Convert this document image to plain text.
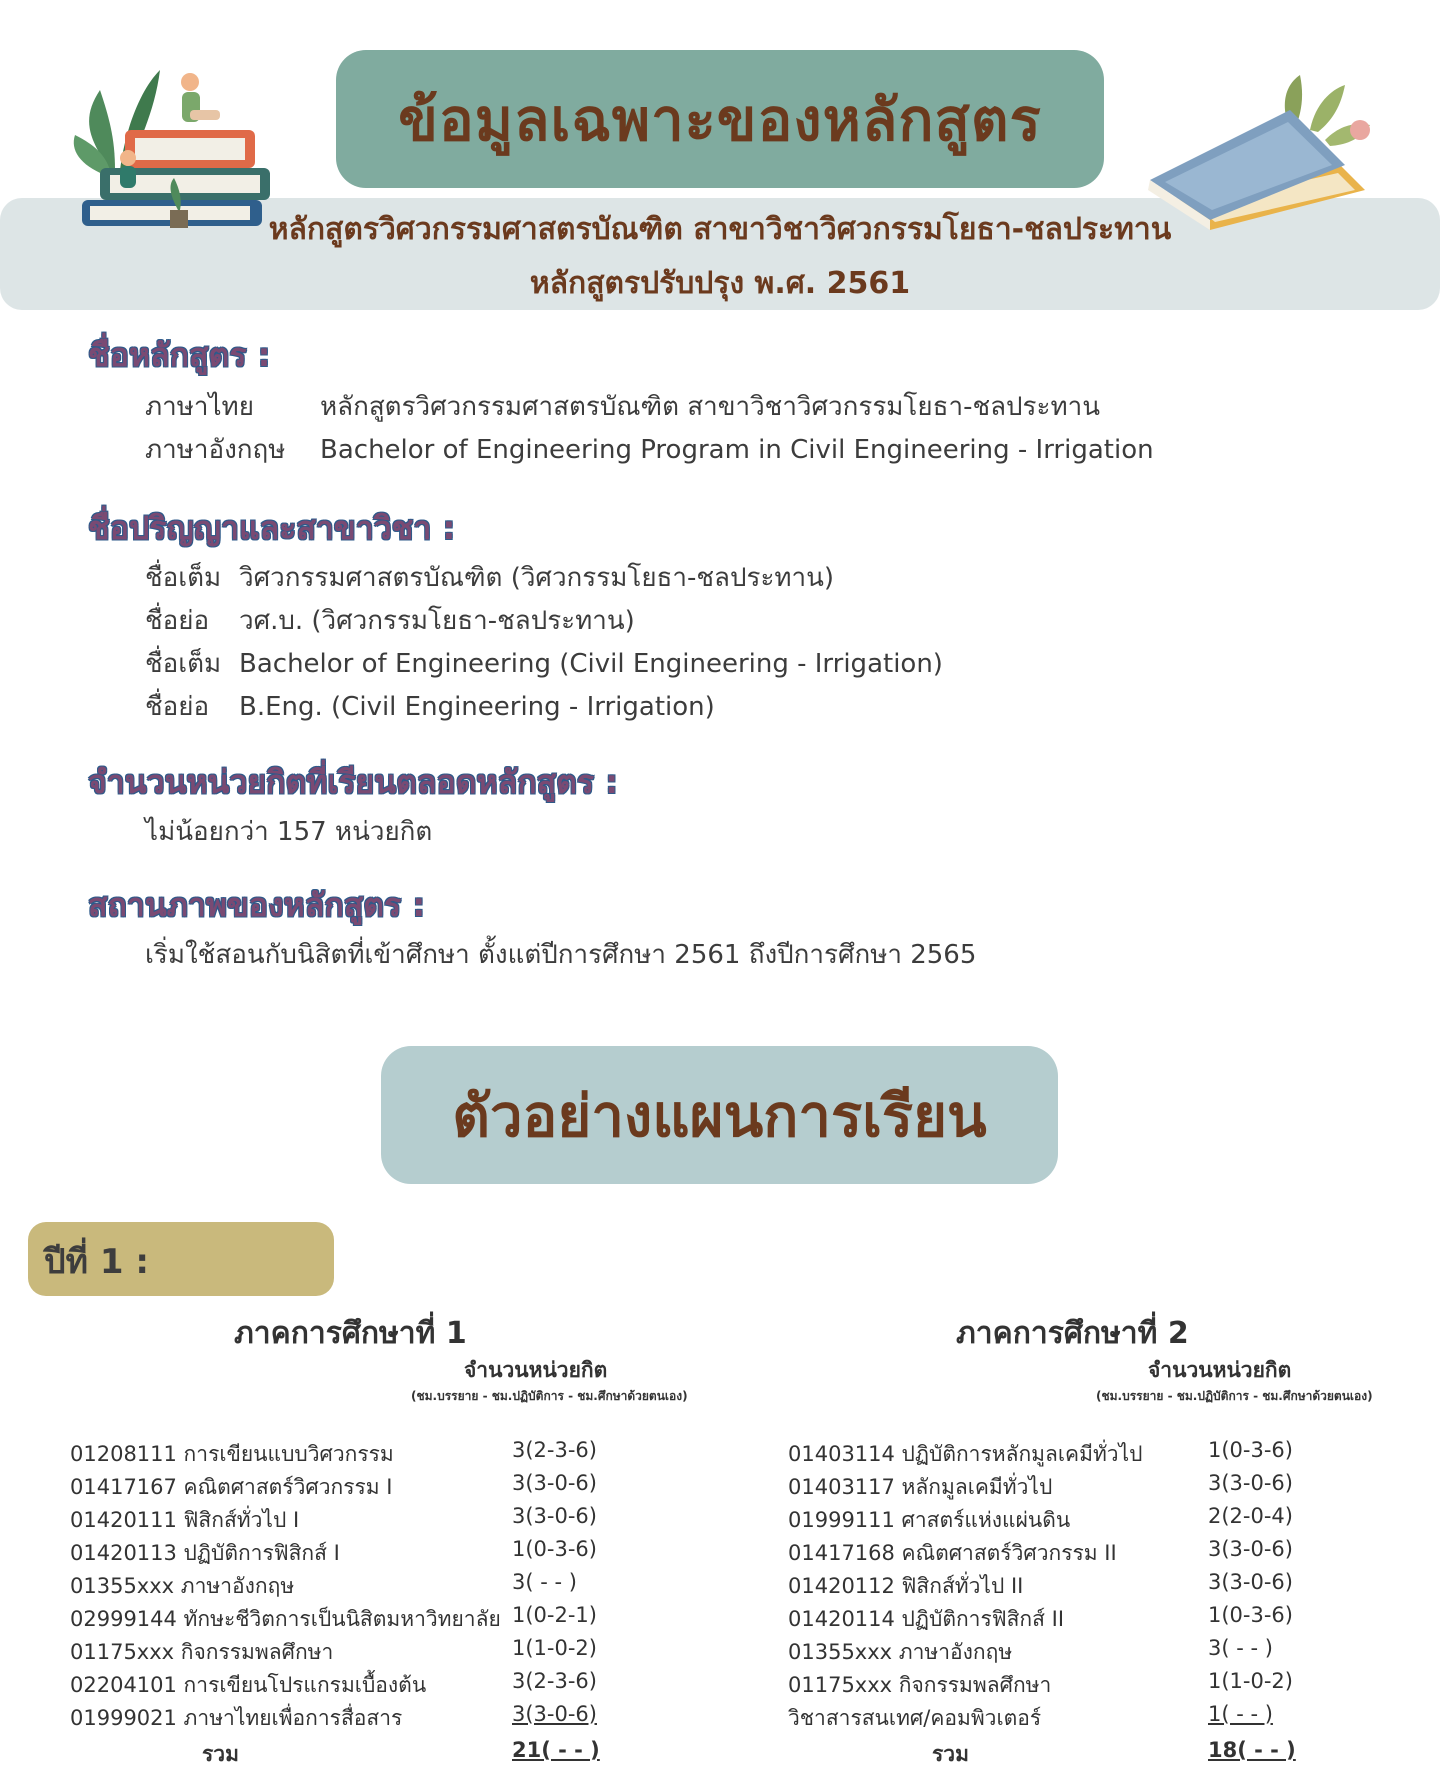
ข้อมูลเฉพาะของหลักสูตร
หลักสูตรวิศวกรรมศาสตรบัณฑิต สาขาวิชาวิศวกรรมโยธา-ชลประทาน
หลักสูตรปรับปรุง พ.ศ. 2561
ชื่อหลักสูตร :
ภาษาไทย	หลักสูตรวิศวกรรมศาสตรบัณฑิต สาขาวิชาวิศวกรรมโยธา-ชลประทาน
ภาษาอังกฤษ Bachelor of Engineering Program in Civil Engineering - Irrigation
ชื่อปริญญาและสาขาวิชา :
ชื่อเต็ม วิศวกรรมศาสตรบัณฑิต (วิศวกรรมโยธา-ชลประทาน)
ชื่อย่อ วศ.บ. (วิศวกรรมโยธา-ชลประทาน)
ชื่อเต็ม Bachelor of Engineering (Civil Engineering - Irrigation)
ชื่อย่อ B.Eng. (Civil Engineering - Irrigation)
จำนวนหน่วยกิตที่เรียนตลอดหลักสูตร :
ไม่น้อยกว่า 157 หน่วยกิต
สถานภาพของหลักสูตร :
เริ่มใช้สอนกับนิสิตที่เข้าศึกษา ตั้งแต่ปีการศึกษา 2561 ถึงปีการศึกษา 2565
ตัวอย่างแผนการเรียน
ปีที่ 1 :
ภาคการศึกษาที่ 1
จำนวนหน่วยกิต
(ชม.บรรยาย - ชม.ปฏิบัติการ - ชม.ศึกษาด้วยตนเอง)
01208111 การเขียนแบบวิศวกรรม	3(2-3-6)
01417167 คณิตศาสตร์วิศวกรรม I	3(3-0-6)
01420111 ฟิสิกส์ทั่วไป I	3(3-0-6)
01420113 ปฏิบัติการฟิสิกส์ I	1(0-3-6)
01355xxx ภาษาอังกฤษ	3( - - )
02999144 ทักษะชีวิตการเป็นนิสิตมหาวิทยาลัย 1(0-2-1)
01175xxx กิจกรรมพลศึกษา	1(1-0-2)
02204101 การเขียนโปรแกรมเบื้องต้น	3(2-3-6)
01999021 ภาษาไทยเพื่อการสื่อสาร	3(3-0-6)
รวม	21( - - )
ภาคการศึกษาที่ 2
จำนวนหน่วยกิต
(ชม.บรรยาย - ชม.ปฏิบัติการ - ชม.ศึกษาด้วยตนเอง)
01403114 ปฏิบัติการหลักมูลเคมีทั่วไป	1(0-3-6)
01403117 หลักมูลเคมีทั่วไป	3(3-0-6)
01999111 ศาสตร์แห่งแผ่นดิน	2(2-0-4)
01417168 คณิตศาสตร์วิศวกรรม II	3(3-0-6)
01420112 ฟิสิกส์ทั่วไป II	3(3-0-6)
01420114 ปฏิบัติการฟิสิกส์ II	1(0-3-6)
01355xxx ภาษาอังกฤษ	3( - - )
01175xxx กิจกรรมพลศึกษา	1(1-0-2)
วิชาสารสนเทศ/คอมพิวเตอร์	1( - - )
รวม	18( - - )
